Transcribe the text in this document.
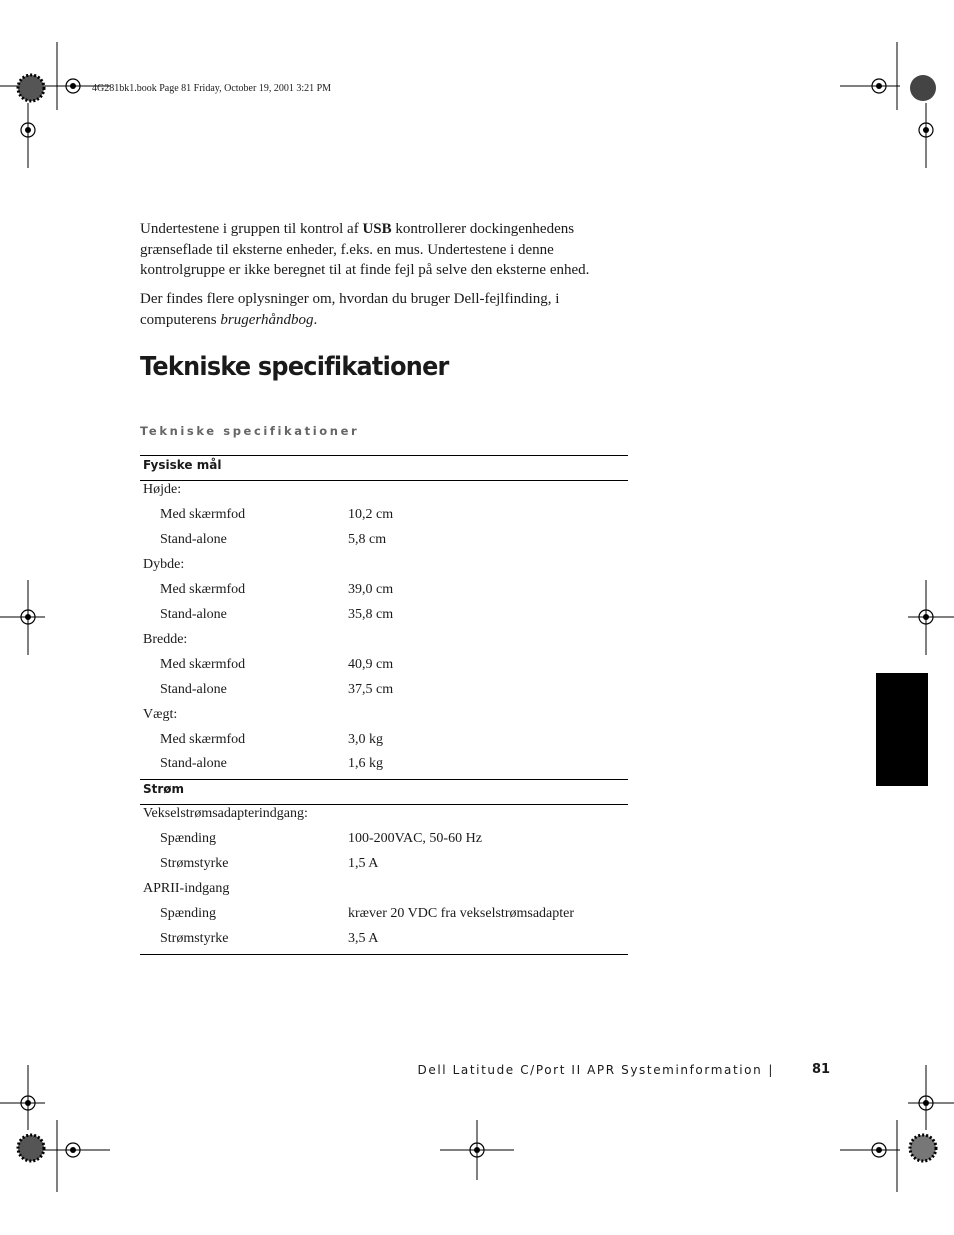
4G281bk1.book Page 81 Friday, October 19, 2001 3:21 PM
Undertestene i gruppen til kontrol af USB kontrollerer dockingenhedens grænseflade til eksterne enheder, f.eks. en mus. Undertestene i denne kontrolgruppe er ikke beregnet til at finde fejl på selve den eksterne enhed.
Der findes flere oplysninger om, hvordan du bruger Dell-fejlfinding, i computerens brugerhåndbog.
Tekniske specifikationer
Tekniske specifikationer
Fysiske mål
Højde:
Med skærmfod	10,2 cm
Stand-alone	5,8 cm
Dybde:
Med skærmfod	39,0 cm
Stand-alone	35,8 cm
Bredde:
Med skærmfod	40,9 cm
Stand-alone	37,5 cm
Vægt:
Med skærmfod	3,0 kg
Stand-alone	1,6 kg
Strøm
Vekselstrømsadapterindgang:
Spænding	100-200VAC, 50-60 Hz
Strømstyrke	1,5 A
APRII-indgang
Spænding	kræver 20 VDC fra vekselstrømsadapter
Strømstyrke	3,5 A
Dell Latitude C/Port II APR Systeminformation |	81
